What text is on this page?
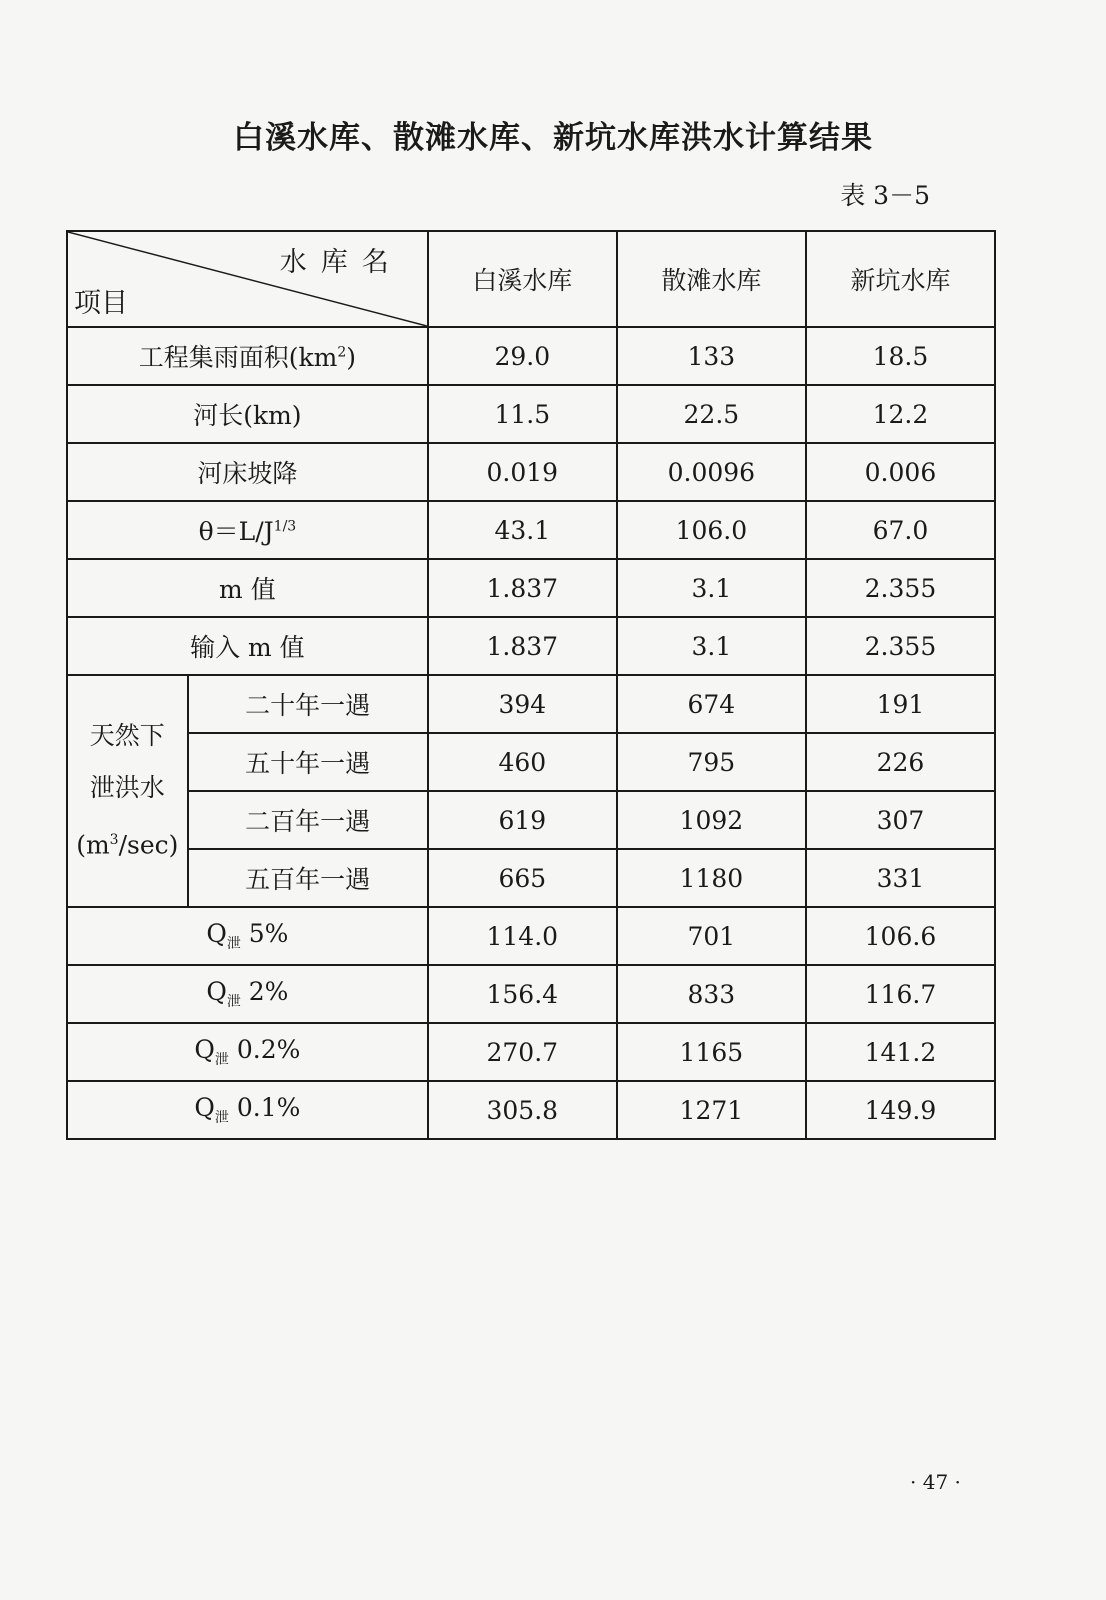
白溪水库、散滩水库、新坑水库洪水计算结果
表 3－5
水库名
项目		白溪水库	散滩水库	新坑水库
工程集雨面积$(km^2)$		29.0	133	18.5
河长(km)		11.5	22.5	12.2
河床坡降		0.019	0.0096	0.006
$\theta=L/J^{1/3}$		43.1	106.0	67.0
m 值		1.837	3.1	2.355
输入 m 值		1.837	3.1	2.355
天然下
泄洪水
$(m^3/\sec)$	二十年一遇	394	674	191
	五十年一遇	460	795	226
	二百年一遇	619	1092	307
	五百年一遇	665	1180	331
$Q_泄$ 5%		114.0	701	106.6
$Q_泄$ 2%		156.4	833	116.7
$Q_泄$ 0.2%		270.7	1165	141.2
$Q_泄$ 0.1%		305.8	1271	149.9
· 47 ·
